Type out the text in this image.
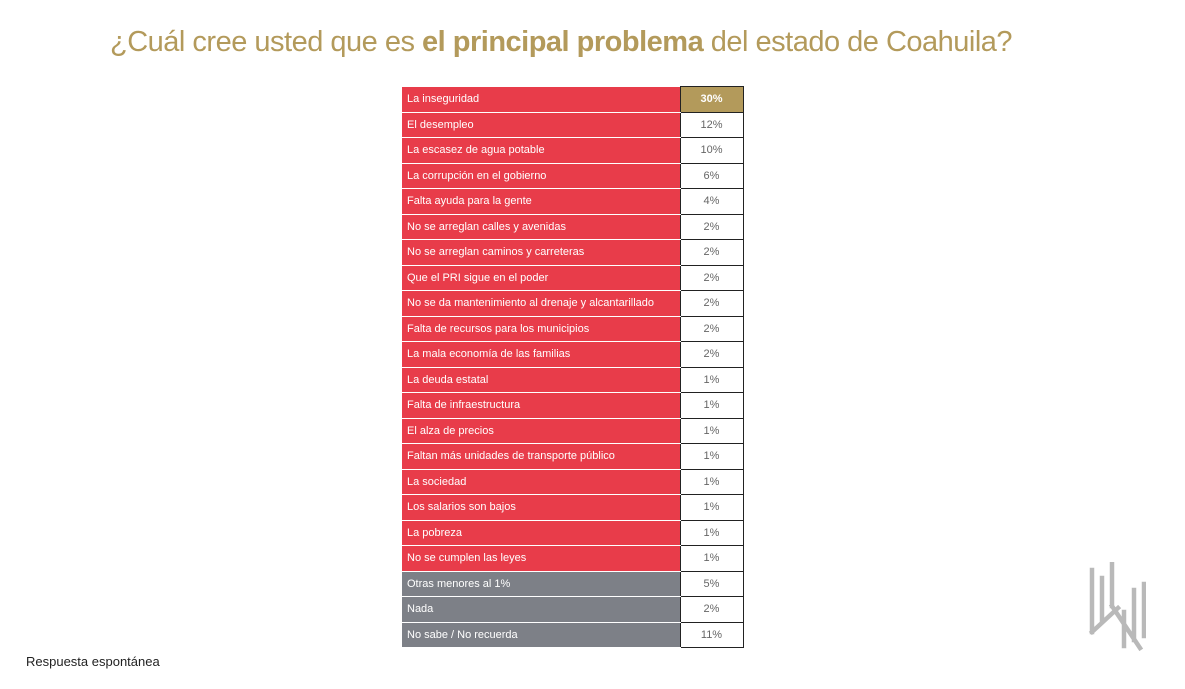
¿Cuál cree usted que es el principal problema del estado de Coahuila?
La inseguridad	30%
El desempleo	12%
La escasez de agua potable	10%
La corrupción en el gobierno	6%
Falta ayuda para la gente	4%
No se arreglan calles y avenidas	2%
No se arreglan caminos y carreteras	2%
Que el PRI sigue en el poder	2%
No se da mantenimiento al drenaje y alcantarillado	2%
Falta de recursos para los municipios	2%
La mala economía de las familias	2%
La deuda estatal	1%
Falta de infraestructura	1%
El alza de precios	1%
Faltan más unidades de transporte público	1%
La sociedad	1%
Los salarios son bajos	1%
La pobreza	1%
No se cumplen las leyes	1%
Otras menores al 1%	5%
Nada	2%
No sabe / No recuerda	11%
Respuesta espontánea
